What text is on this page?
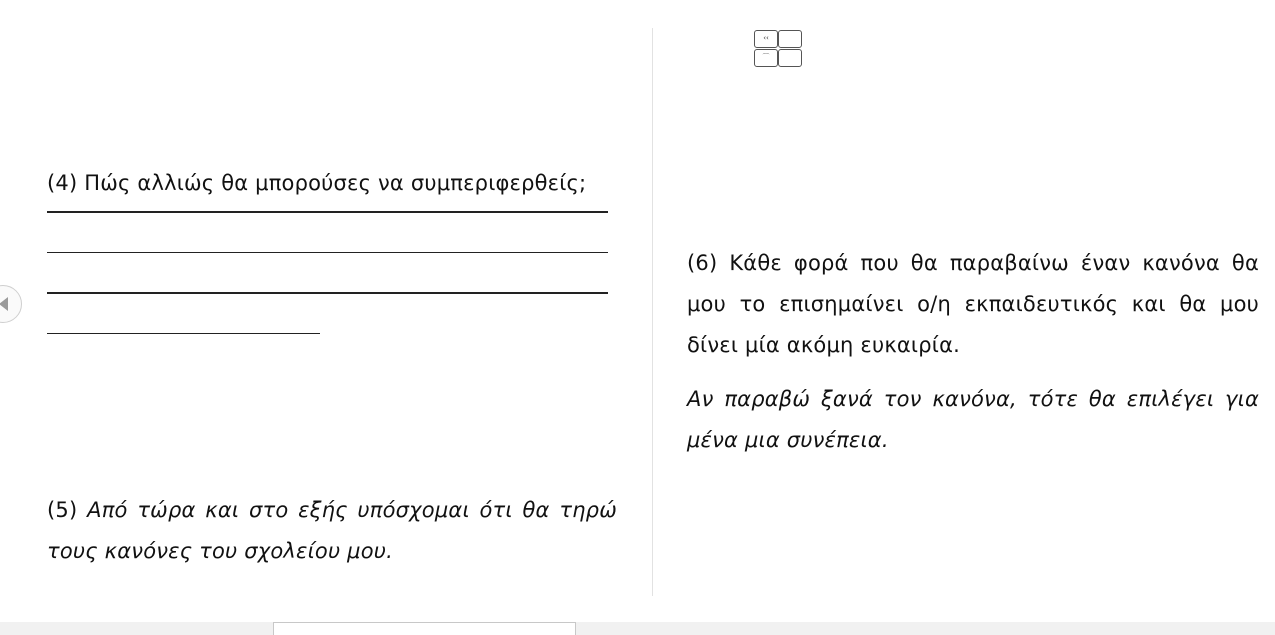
‹‹
⌒

(4) Πώς αλλιώς θα μπορούσες να συμπεριφερθείς;

(5) Από τώρα και στο εξής υπόσχομαι ότι θα τηρώ τους κανόνες του σχολείου μου.

(6) Κάθε φορά που θα παραβαίνω έναν κανόνα θα μου το επισημαίνει ο/η εκπαιδευτικός και θα μου δίνει μία ακόμη ευκαιρία.

Αν παραβώ ξανά τον κανόνα, τότε θα επιλέγει για μένα μια συνέπεια.
